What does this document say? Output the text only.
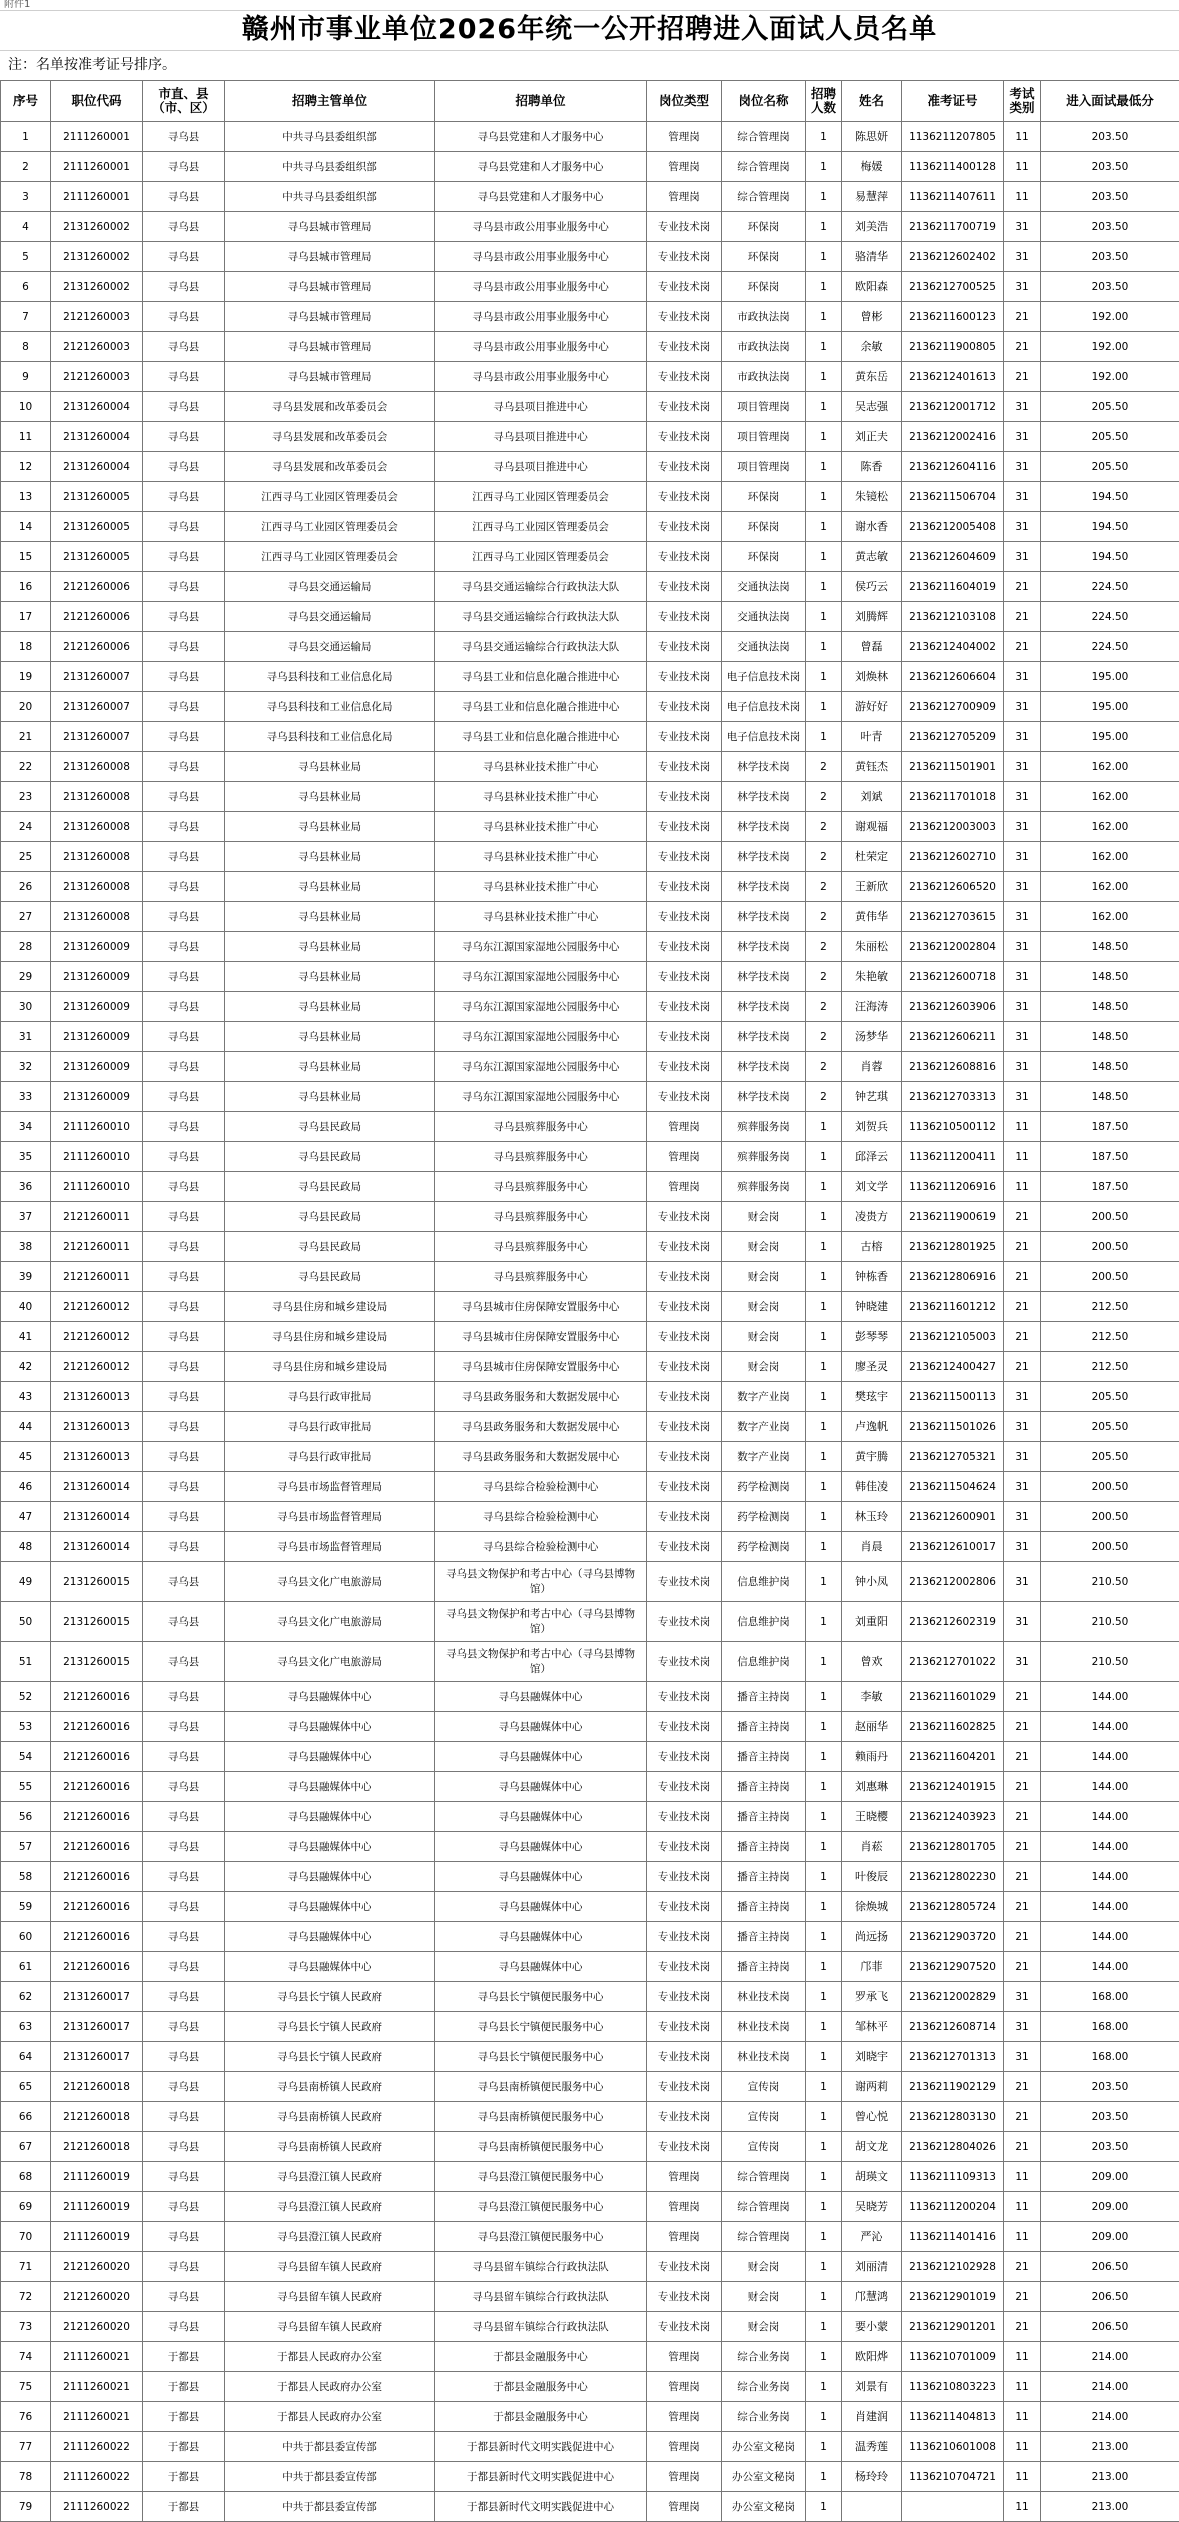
附件1
赣州市事业单位2026年统一公开招聘进入面试人员名单
注：名单按准考证号排序。
序号	职位代码	市直、县（市、区）	招聘主管单位	招聘单位	岗位类型	岗位名称	招聘人数	姓名	准考证号	考试类别	进入面试最低分
1	2111260001	寻乌县	中共寻乌县委组织部	寻乌县党建和人才服务中心	管理岗	综合管理岗	1	陈思妍	1136211207805	11	203.50
2	2111260001	寻乌县	中共寻乌县委组织部	寻乌县党建和人才服务中心	管理岗	综合管理岗	1	梅媛	1136211400128	11	203.50
3	2111260001	寻乌县	中共寻乌县委组织部	寻乌县党建和人才服务中心	管理岗	综合管理岗	1	易慧萍	1136211407611	11	203.50
4	2131260002	寻乌县	寻乌县城市管理局	寻乌县市政公用事业服务中心	专业技术岗	环保岗	1	刘美浩	2136211700719	31	203.50
5	2131260002	寻乌县	寻乌县城市管理局	寻乌县市政公用事业服务中心	专业技术岗	环保岗	1	骆清华	2136212602402	31	203.50
6	2131260002	寻乌县	寻乌县城市管理局	寻乌县市政公用事业服务中心	专业技术岗	环保岗	1	欧阳森	2136212700525	31	203.50
7	2121260003	寻乌县	寻乌县城市管理局	寻乌县市政公用事业服务中心	专业技术岗	市政执法岗	1	曾彬	2136211600123	21	192.00
8	2121260003	寻乌县	寻乌县城市管理局	寻乌县市政公用事业服务中心	专业技术岗	市政执法岗	1	余敏	2136211900805	21	192.00
9	2121260003	寻乌县	寻乌县城市管理局	寻乌县市政公用事业服务中心	专业技术岗	市政执法岗	1	黄东岳	2136212401613	21	192.00
10	2131260004	寻乌县	寻乌县发展和改革委员会	寻乌县项目推进中心	专业技术岗	项目管理岗	1	吴志强	2136212001712	31	205.50
11	2131260004	寻乌县	寻乌县发展和改革委员会	寻乌县项目推进中心	专业技术岗	项目管理岗	1	刘正夫	2136212002416	31	205.50
12	2131260004	寻乌县	寻乌县发展和改革委员会	寻乌县项目推进中心	专业技术岗	项目管理岗	1	陈香	2136212604116	31	205.50
13	2131260005	寻乌县	江西寻乌工业园区管理委员会	江西寻乌工业园区管理委员会	专业技术岗	环保岗	1	朱镜松	2136211506704	31	194.50
14	2131260005	寻乌县	江西寻乌工业园区管理委员会	江西寻乌工业园区管理委员会	专业技术岗	环保岗	1	谢水香	2136212005408	31	194.50
15	2131260005	寻乌县	江西寻乌工业园区管理委员会	江西寻乌工业园区管理委员会	专业技术岗	环保岗	1	黄志敏	2136212604609	31	194.50
16	2121260006	寻乌县	寻乌县交通运输局	寻乌县交通运输综合行政执法大队	专业技术岗	交通执法岗	1	侯巧云	2136211604019	21	224.50
17	2121260006	寻乌县	寻乌县交通运输局	寻乌县交通运输综合行政执法大队	专业技术岗	交通执法岗	1	刘腾辉	2136212103108	21	224.50
18	2121260006	寻乌县	寻乌县交通运输局	寻乌县交通运输综合行政执法大队	专业技术岗	交通执法岗	1	曾磊	2136212404002	21	224.50
19	2131260007	寻乌县	寻乌县科技和工业信息化局	寻乌县工业和信息化融合推进中心	专业技术岗	电子信息技术岗	1	刘焕林	2136212606604	31	195.00
20	2131260007	寻乌县	寻乌县科技和工业信息化局	寻乌县工业和信息化融合推进中心	专业技术岗	电子信息技术岗	1	游好好	2136212700909	31	195.00
21	2131260007	寻乌县	寻乌县科技和工业信息化局	寻乌县工业和信息化融合推进中心	专业技术岗	电子信息技术岗	1	叶青	2136212705209	31	195.00
22	2131260008	寻乌县	寻乌县林业局	寻乌县林业技术推广中心	专业技术岗	林学技术岗	2	黄钰杰	2136211501901	31	162.00
23	2131260008	寻乌县	寻乌县林业局	寻乌县林业技术推广中心	专业技术岗	林学技术岗	2	刘斌	2136211701018	31	162.00
24	2131260008	寻乌县	寻乌县林业局	寻乌县林业技术推广中心	专业技术岗	林学技术岗	2	谢观福	2136212003003	31	162.00
25	2131260008	寻乌县	寻乌县林业局	寻乌县林业技术推广中心	专业技术岗	林学技术岗	2	杜荣定	2136212602710	31	162.00
26	2131260008	寻乌县	寻乌县林业局	寻乌县林业技术推广中心	专业技术岗	林学技术岗	2	王新欣	2136212606520	31	162.00
27	2131260008	寻乌县	寻乌县林业局	寻乌县林业技术推广中心	专业技术岗	林学技术岗	2	黄伟华	2136212703615	31	162.00
28	2131260009	寻乌县	寻乌县林业局	寻乌东江源国家湿地公园服务中心	专业技术岗	林学技术岗	2	朱丽松	2136212002804	31	148.50
29	2131260009	寻乌县	寻乌县林业局	寻乌东江源国家湿地公园服务中心	专业技术岗	林学技术岗	2	朱艳敏	2136212600718	31	148.50
30	2131260009	寻乌县	寻乌县林业局	寻乌东江源国家湿地公园服务中心	专业技术岗	林学技术岗	2	汪海涛	2136212603906	31	148.50
31	2131260009	寻乌县	寻乌县林业局	寻乌东江源国家湿地公园服务中心	专业技术岗	林学技术岗	2	汤梦华	2136212606211	31	148.50
32	2131260009	寻乌县	寻乌县林业局	寻乌东江源国家湿地公园服务中心	专业技术岗	林学技术岗	2	肖蓉	2136212608816	31	148.50
33	2131260009	寻乌县	寻乌县林业局	寻乌东江源国家湿地公园服务中心	专业技术岗	林学技术岗	2	钟艺琪	2136212703313	31	148.50
34	2111260010	寻乌县	寻乌县民政局	寻乌县殡葬服务中心	管理岗	殡葬服务岗	1	刘贺兵	1136210500112	11	187.50
35	2111260010	寻乌县	寻乌县民政局	寻乌县殡葬服务中心	管理岗	殡葬服务岗	1	邱泽云	1136211200411	11	187.50
36	2111260010	寻乌县	寻乌县民政局	寻乌县殡葬服务中心	管理岗	殡葬服务岗	1	刘文学	1136211206916	11	187.50
37	2121260011	寻乌县	寻乌县民政局	寻乌县殡葬服务中心	专业技术岗	财会岗	1	凌贵方	2136211900619	21	200.50
38	2121260011	寻乌县	寻乌县民政局	寻乌县殡葬服务中心	专业技术岗	财会岗	1	古榕	2136212801925	21	200.50
39	2121260011	寻乌县	寻乌县民政局	寻乌县殡葬服务中心	专业技术岗	财会岗	1	钟栋香	2136212806916	21	200.50
40	2121260012	寻乌县	寻乌县住房和城乡建设局	寻乌县城市住房保障安置服务中心	专业技术岗	财会岗	1	钟晓建	2136211601212	21	212.50
41	2121260012	寻乌县	寻乌县住房和城乡建设局	寻乌县城市住房保障安置服务中心	专业技术岗	财会岗	1	彭琴琴	2136212105003	21	212.50
42	2121260012	寻乌县	寻乌县住房和城乡建设局	寻乌县城市住房保障安置服务中心	专业技术岗	财会岗	1	廖圣灵	2136212400427	21	212.50
43	2131260013	寻乌县	寻乌县行政审批局	寻乌县政务服务和大数据发展中心	专业技术岗	数字产业岗	1	樊玹宇	2136211500113	31	205.50
44	2131260013	寻乌县	寻乌县行政审批局	寻乌县政务服务和大数据发展中心	专业技术岗	数字产业岗	1	卢逸帆	2136211501026	31	205.50
45	2131260013	寻乌县	寻乌县行政审批局	寻乌县政务服务和大数据发展中心	专业技术岗	数字产业岗	1	黄宇腾	2136212705321	31	205.50
46	2131260014	寻乌县	寻乌县市场监督管理局	寻乌县综合检验检测中心	专业技术岗	药学检测岗	1	韩佳凌	2136211504624	31	200.50
47	2131260014	寻乌县	寻乌县市场监督管理局	寻乌县综合检验检测中心	专业技术岗	药学检测岗	1	林玉玲	2136212600901	31	200.50
48	2131260014	寻乌县	寻乌县市场监督管理局	寻乌县综合检验检测中心	专业技术岗	药学检测岗	1	肖晨	2136212610017	31	200.50
49	2131260015	寻乌县	寻乌县文化广电旅游局	寻乌县文物保护和考古中心（寻乌县博物馆）	专业技术岗	信息维护岗	1	钟小凤	2136212002806	31	210.50
50	2131260015	寻乌县	寻乌县文化广电旅游局	寻乌县文物保护和考古中心（寻乌县博物馆）	专业技术岗	信息维护岗	1	刘重阳	2136212602319	31	210.50
51	2131260015	寻乌县	寻乌县文化广电旅游局	寻乌县文物保护和考古中心（寻乌县博物馆）	专业技术岗	信息维护岗	1	曾欢	2136212701022	31	210.50
52	2121260016	寻乌县	寻乌县融媒体中心	寻乌县融媒体中心	专业技术岗	播音主持岗	1	李敏	2136211601029	21	144.00
53	2121260016	寻乌县	寻乌县融媒体中心	寻乌县融媒体中心	专业技术岗	播音主持岗	1	赵丽华	2136211602825	21	144.00
54	2121260016	寻乌县	寻乌县融媒体中心	寻乌县融媒体中心	专业技术岗	播音主持岗	1	赖雨丹	2136211604201	21	144.00
55	2121260016	寻乌县	寻乌县融媒体中心	寻乌县融媒体中心	专业技术岗	播音主持岗	1	刘惠琳	2136212401915	21	144.00
56	2121260016	寻乌县	寻乌县融媒体中心	寻乌县融媒体中心	专业技术岗	播音主持岗	1	王晓樱	2136212403923	21	144.00
57	2121260016	寻乌县	寻乌县融媒体中心	寻乌县融媒体中心	专业技术岗	播音主持岗	1	肖菘	2136212801705	21	144.00
58	2121260016	寻乌县	寻乌县融媒体中心	寻乌县融媒体中心	专业技术岗	播音主持岗	1	叶俊辰	2136212802230	21	144.00
59	2121260016	寻乌县	寻乌县融媒体中心	寻乌县融媒体中心	专业技术岗	播音主持岗	1	徐焕城	2136212805724	21	144.00
60	2121260016	寻乌县	寻乌县融媒体中心	寻乌县融媒体中心	专业技术岗	播音主持岗	1	尚远扬	2136212903720	21	144.00
61	2121260016	寻乌县	寻乌县融媒体中心	寻乌县融媒体中心	专业技术岗	播音主持岗	1	邝菲	2136212907520	21	144.00
62	2131260017	寻乌县	寻乌县长宁镇人民政府	寻乌县长宁镇便民服务中心	专业技术岗	林业技术岗	1	罗承飞	2136212002829	31	168.00
63	2131260017	寻乌县	寻乌县长宁镇人民政府	寻乌县长宁镇便民服务中心	专业技术岗	林业技术岗	1	邹林平	2136212608714	31	168.00
64	2131260017	寻乌县	寻乌县长宁镇人民政府	寻乌县长宁镇便民服务中心	专业技术岗	林业技术岗	1	刘晓宇	2136212701313	31	168.00
65	2121260018	寻乌县	寻乌县南桥镇人民政府	寻乌县南桥镇便民服务中心	专业技术岗	宣传岗	1	谢两莉	2136211902129	21	203.50
66	2121260018	寻乌县	寻乌县南桥镇人民政府	寻乌县南桥镇便民服务中心	专业技术岗	宣传岗	1	曾心悦	2136212803130	21	203.50
67	2121260018	寻乌县	寻乌县南桥镇人民政府	寻乌县南桥镇便民服务中心	专业技术岗	宣传岗	1	胡文龙	2136212804026	21	203.50
68	2111260019	寻乌县	寻乌县澄江镇人民政府	寻乌县澄江镇便民服务中心	管理岗	综合管理岗	1	胡瑛文	1136211109313	11	209.00
69	2111260019	寻乌县	寻乌县澄江镇人民政府	寻乌县澄江镇便民服务中心	管理岗	综合管理岗	1	吴晓芳	1136211200204	11	209.00
70	2111260019	寻乌县	寻乌县澄江镇人民政府	寻乌县澄江镇便民服务中心	管理岗	综合管理岗	1	严沁	1136211401416	11	209.00
71	2121260020	寻乌县	寻乌县留车镇人民政府	寻乌县留车镇综合行政执法队	专业技术岗	财会岗	1	刘丽清	2136212102928	21	206.50
72	2121260020	寻乌县	寻乌县留车镇人民政府	寻乌县留车镇综合行政执法队	专业技术岗	财会岗	1	邝慧鸿	2136212901019	21	206.50
73	2121260020	寻乌县	寻乌县留车镇人民政府	寻乌县留车镇综合行政执法队	专业技术岗	财会岗	1	要小蒙	2136212901201	21	206.50
74	2111260021	于都县	于都县人民政府办公室	于都县金融服务中心	管理岗	综合业务岗	1	欧阳烨	1136210701009	11	214.00
75	2111260021	于都县	于都县人民政府办公室	于都县金融服务中心	管理岗	综合业务岗	1	刘景有	1136210803223	11	214.00
76	2111260021	于都县	于都县人民政府办公室	于都县金融服务中心	管理岗	综合业务岗	1	肖建润	1136211404813	11	214.00
77	2111260022	于都县	中共于都县委宣传部	于都县新时代文明实践促进中心	管理岗	办公室文秘岗	1	温秀莲	1136210601008	11	213.00
78	2111260022	于都县	中共于都县委宣传部	于都县新时代文明实践促进中心	管理岗	办公室文秘岗	1	杨玲玲	1136210704721	11	213.00
79	2111260022	于都县	中共于都县委宣传部	于都县新时代文明实践促进中心	管理岗	办公室文秘岗	1			11	213.00
